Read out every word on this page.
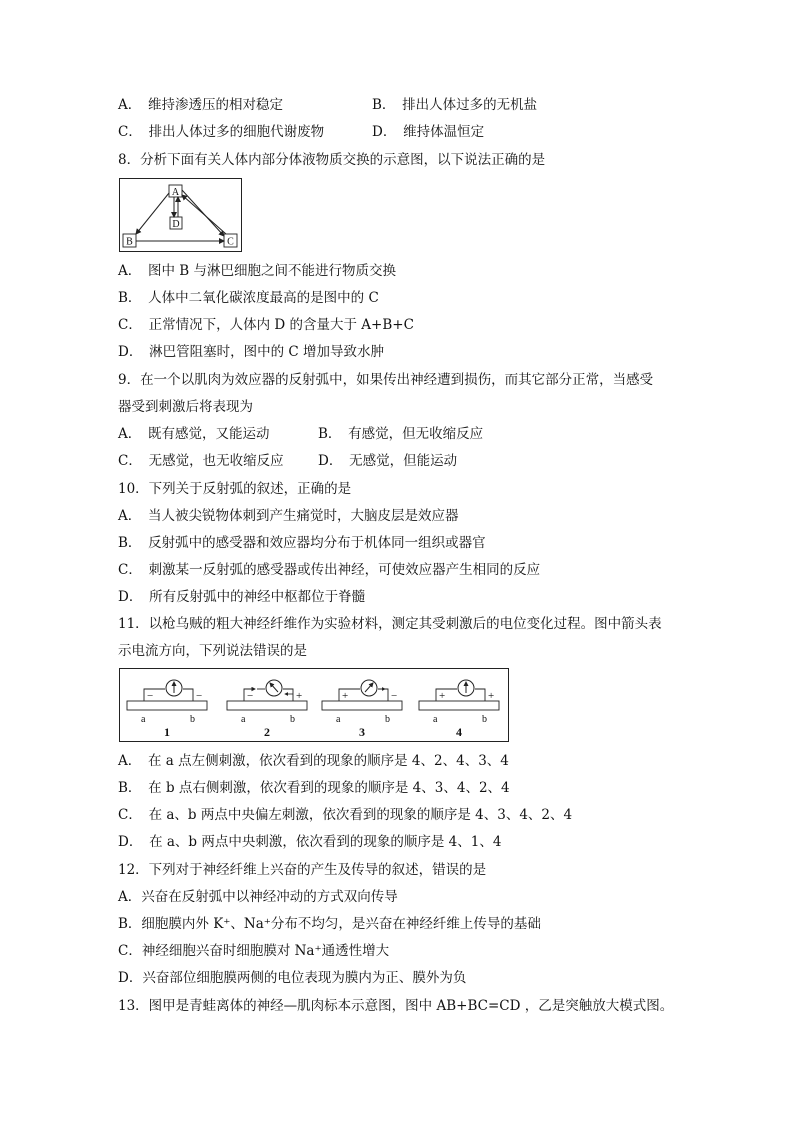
A．　维持渗透压的相对稳定	B．　排出人体过多的无机盐
C．　排出人体过多的细胞代谢废物	D．　维持体温恒定
8．分析下面有关人体内部分体液物质交换的示意图，以下说法正确的是
A
D
B	C
A．　图中 B 与淋巴细胞之间不能进行物质交换
B．　人体中二氧化碳浓度最高的是图中的 C
C．　正常情况下，人体内 D 的含量大于 A+B+C
D．　淋巴管阻塞时，图中的 C 增加导致水肿
9．在一个以肌肉为效应器的反射弧中，如果传出神经遭到损伤，而其它部分正常，当感受
器受到刺激后将表现为
A．　既有感觉，又能运动	B．　有感觉，但无收缩反应
C．　无感觉，也无收缩反应	D．　无感觉，但能运动
10．下列关于反射弧的叙述，正确的是
A．　当人被尖锐物体刺到产生痛觉时，大脑皮层是效应器
B．　反射弧中的感受器和效应器均分布于机体同一组织或器官
C．　刺激某一反射弧的感受器或传出神经，可使效应器产生相同的反应
D．　所有反射弧中的神经中枢都位于脊髓
11．以枪乌贼的粗大神经纤维作为实验材料，测定其受刺激后的电位变化过程。图中箭头表
示电流方向，下列说法错误的是
−	−
a	b
1
−	+
a	b
2
+	−
a	b
3
+	+
a	b
4
A．　在 a 点左侧刺激，依次看到的现象的顺序是 4、2、4、3、4
B．　在 b 点右侧刺激，依次看到的现象的顺序是 4、3、4、2、4
C．　在 a、b 两点中央偏左刺激，依次看到的现象的顺序是 4、3、4、2、4
D．　在 a、b 两点中央刺激，依次看到的现象的顺序是 4、1、4
12．下列对于神经纤维上兴奋的产生及传导的叙述，错误的是
A．兴奋在反射弧中以神经冲动的方式双向传导
B．细胞膜内外 K⁺、Na⁺分布不均匀，是兴奋在神经纤维上传导的基础
C．神经细胞兴奋时细胞膜对 Na⁺通透性增大
D．兴奋部位细胞膜两侧的电位表现为膜内为正、膜外为负
13．图甲是青蛙离体的神经—肌肉标本示意图，图中 AB+BC=CD ，乙是突触放大模式图。
